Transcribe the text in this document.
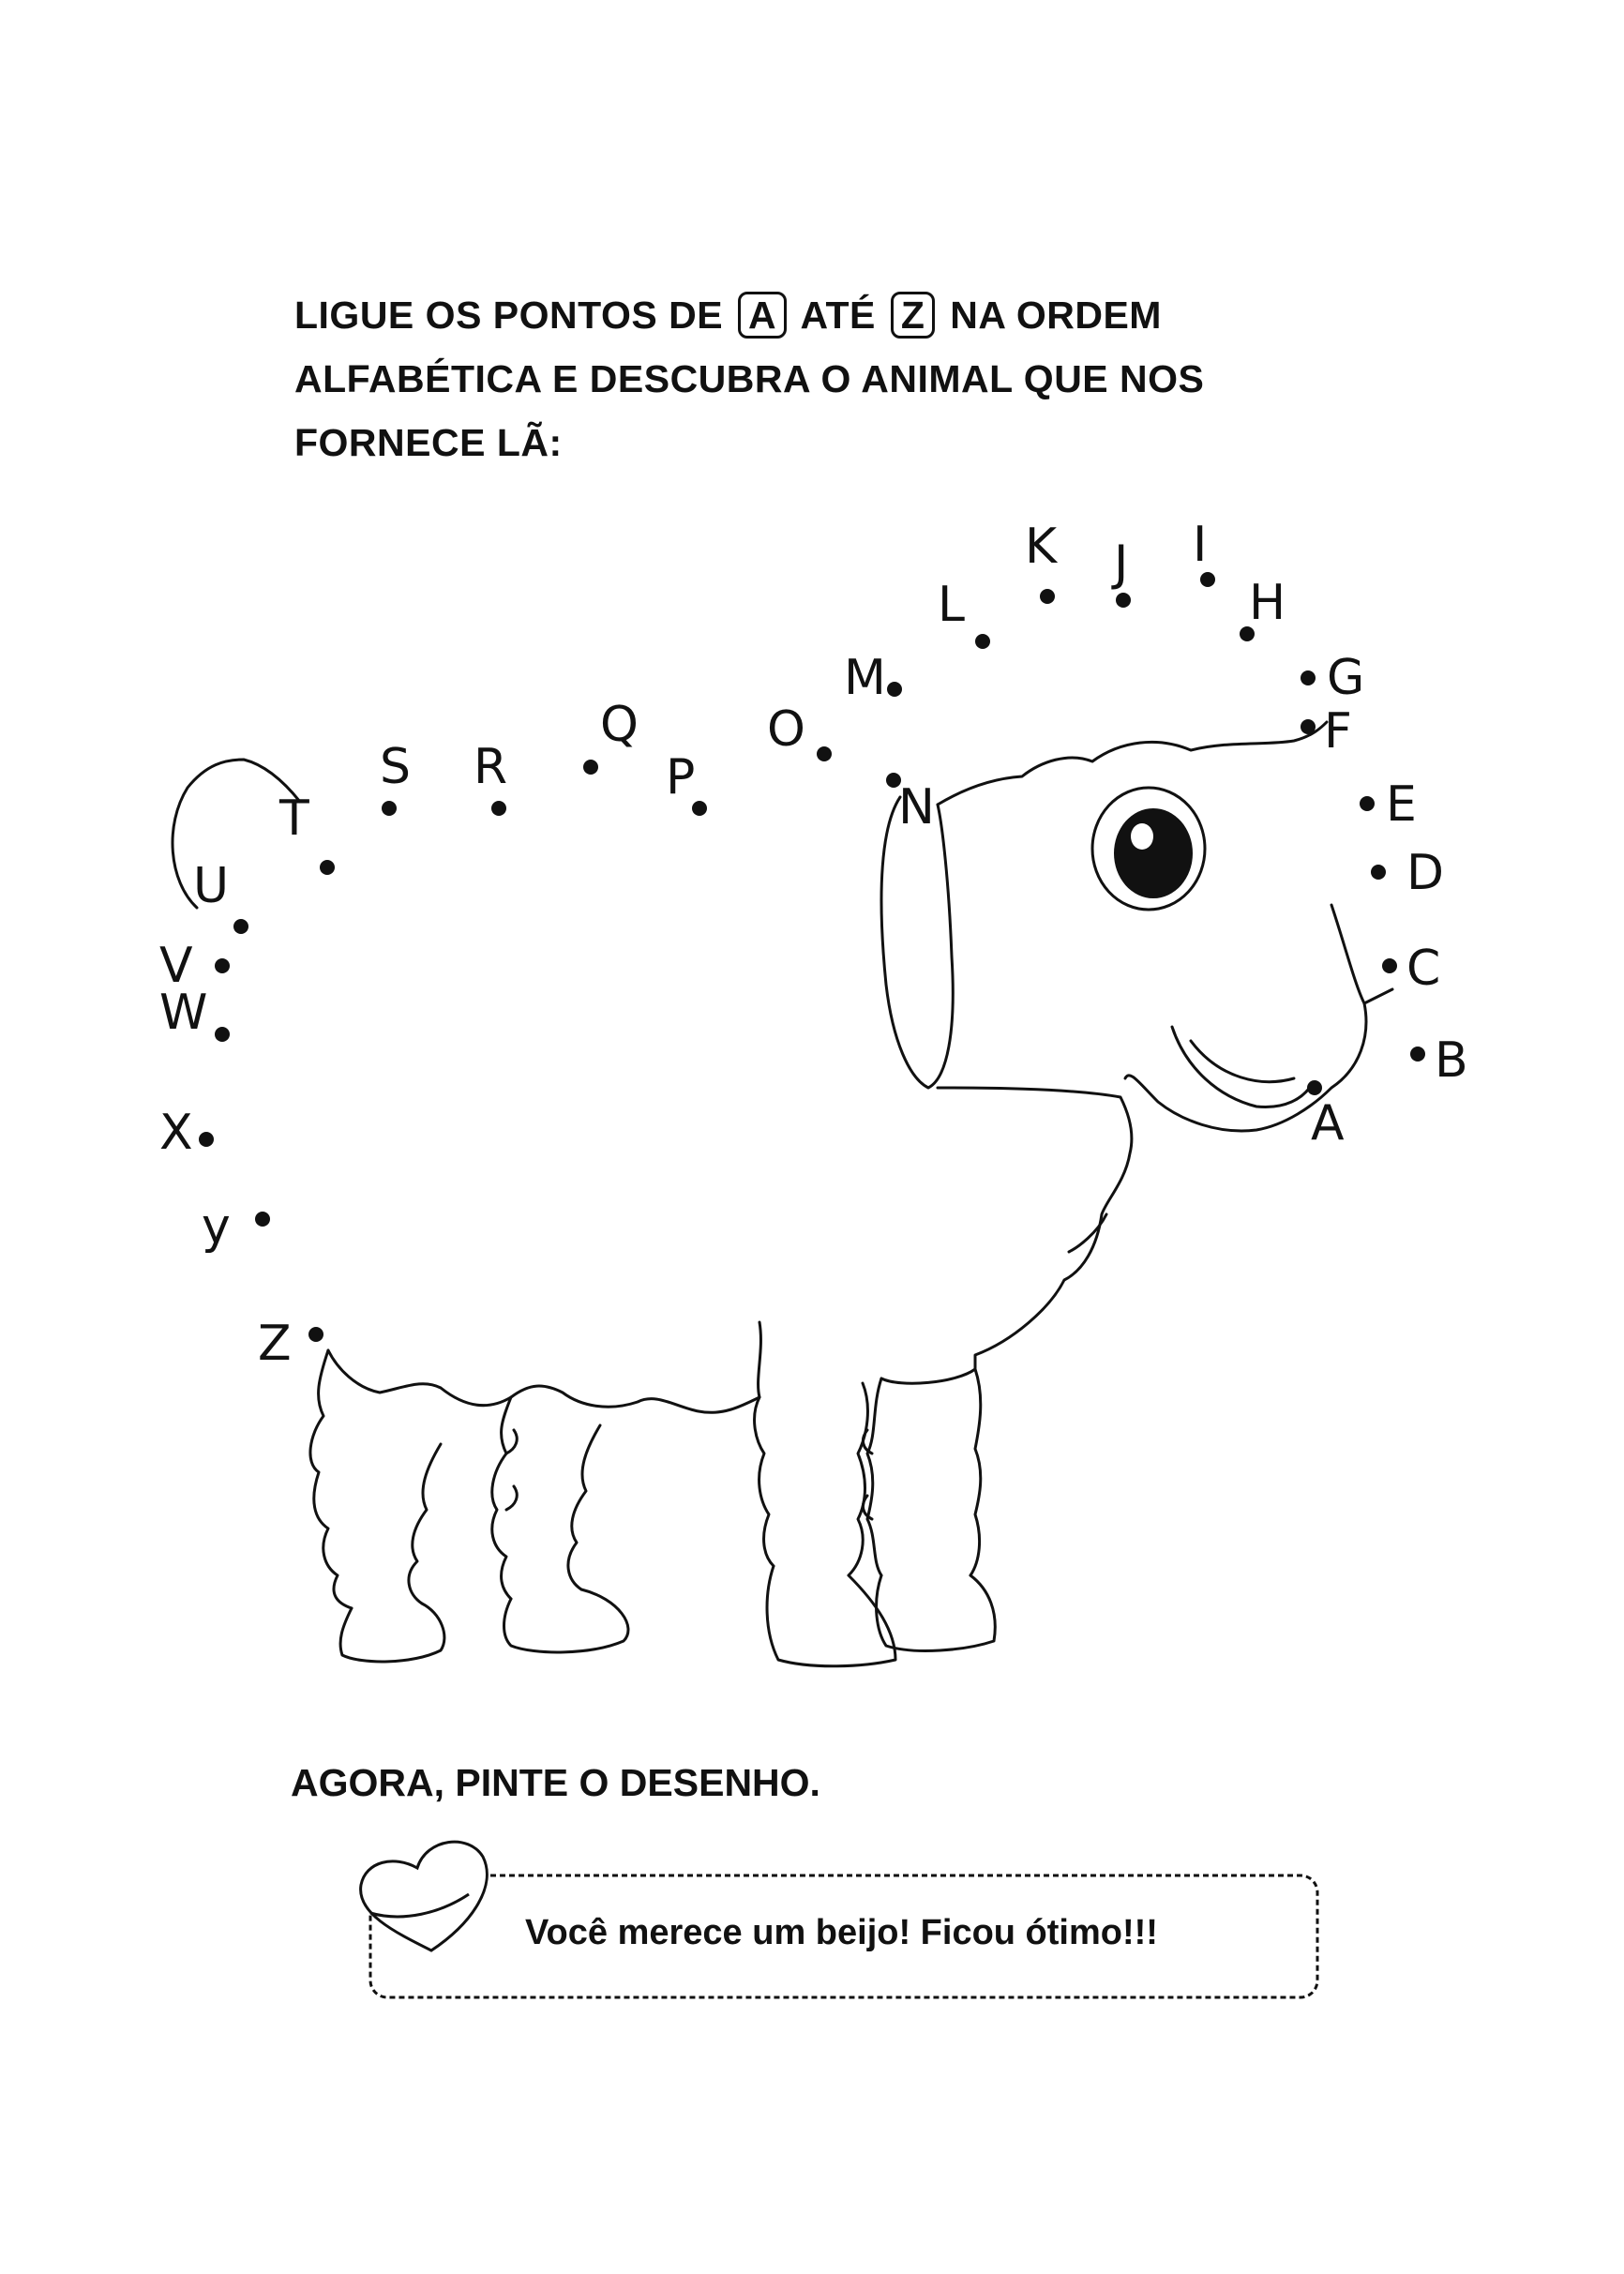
LIGUE OS PONTOS DE A ATÉ Z NA ORDEM
ALFABÉTICA E DESCUBRA O ANIMAL QUE NOS
FORNECE LÃ:
A
B
C
D
E
F
G
H
I
J
K
L
M
N
O
P
Q
R
S
T
U
V
W
X
y
Z
AGORA, PINTE O DESENHO.
Você merece um beijo! Ficou ótimo!!!
